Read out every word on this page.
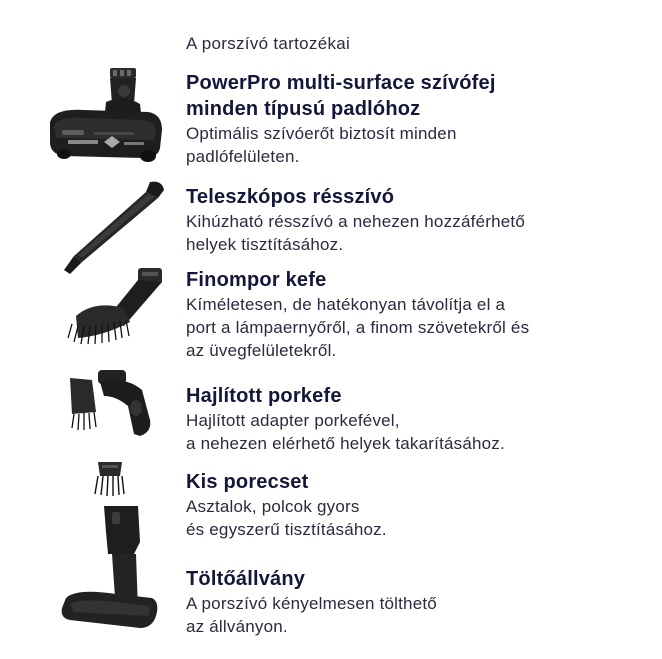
A porszívó tartozékai
PowerPro multi-surface szívófej
minden típusú padlóhoz
Optimális szívóerőt biztosít minden
padlófelületen.
Teleszkópos résszívó
Kihúzható résszívó a nehezen hozzáférhető
helyek tisztításához.
Finompor kefe
Kíméletesen, de hatékonyan távolítja el a
port a lámpaernyőről, a finom szövetekről és
az üvegfelületekről.
Hajlított porkefe
Hajlított adapter porkefével,
a nehezen elérhető helyek takarításához.
Kis porecset
Asztalok, polcok gyors
és egyszerű tisztításához.
Töltőállvány
A porszívó kényelmesen tölthető
az állványon.
